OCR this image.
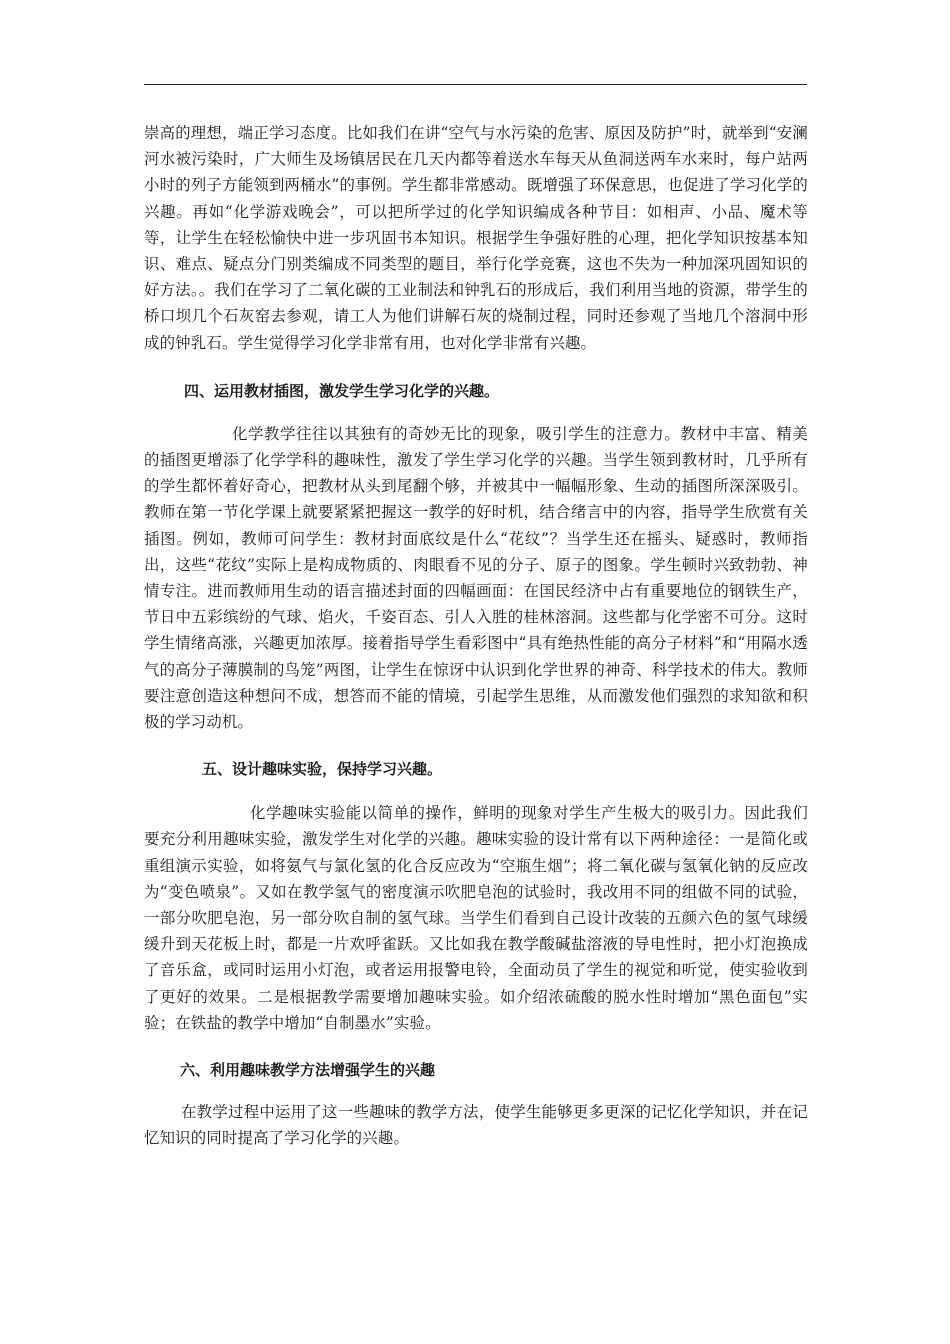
崇高的理想，端正学习态度。比如我们在讲“空气与水污染的危害、原因及防护”时，就举到“安澜河水被污染时，广大师生及场镇居民在几天内都等着送水车每天从鱼洞送两车水来时，每户站两小时的列子方能领到两桶水”的事例。学生都非常感动。既增强了环保意思，也促进了学习化学的兴趣。再如“化学游戏晚会”，可以把所学过的化学知识编成各种节目：如相声、小品、魔术等等，让学生在轻松愉快中进一步巩固书本知识。根据学生争强好胜的心理，把化学知识按基本知识、难点、疑点分门别类编成不同类型的题目，举行化学竞赛，这也不失为一种加深巩固知识的好方法。。我们在学习了二氧化碳的工业制法和钟乳石的形成后，我们利用当地的资源，带学生的桥口坝几个石灰窑去参观，请工人为他们讲解石灰的烧制过程，同时还参观了当地几个溶洞中形成的钟乳石。学生觉得学习化学非常有用，也对化学非常有兴趣。

四、运用教材插图，激发学生学习化学的兴趣。

化学教学往往以其独有的奇妙无比的现象，吸引学生的注意力。教材中丰富、精美的插图更增添了化学学科的趣味性，激发了学生学习化学的兴趣。当学生领到教材时，几乎所有的学生都怀着好奇心，把教材从头到尾翻个够，并被其中一幅幅形象、生动的插图所深深吸引。教师在第一节化学课上就要紧紧把握这一教学的好时机，结合绪言中的内容，指导学生欣赏有关插图。例如，教师可问学生：教材封面底纹是什么“花纹”？当学生还在摇头、疑惑时，教师指出，这些“花纹”实际上是构成物质的、肉眼看不见的分子、原子的图象。学生顿时兴致勃勃、神情专注。进而教师用生动的语言描述封面的四幅画面：在国民经济中占有重要地位的钢铁生产，节日中五彩缤纷的气球、焰火，千姿百态、引人入胜的桂林溶洞。这些都与化学密不可分。这时学生情绪高涨，兴趣更加浓厚。接着指导学生看彩图中“具有绝热性能的高分子材料”和“用隔水透气的高分子薄膜制的鸟笼”两图，让学生在惊讶中认识到化学世界的神奇、科学技术的伟大。教师要注意创造这种想问不成，想答而不能的情境，引起学生思维，从而激发他们强烈的求知欲和积极的学习动机。

五、设计趣味实验，保持学习兴趣。

化学趣味实验能以简单的操作，鲜明的现象对学生产生极大的吸引力。因此我们要充分利用趣味实验，激发学生对化学的兴趣。趣味实验的设计常有以下两种途径：一是简化或重组演示实验，如将氨气与氯化氢的化合反应改为“空瓶生烟”；将二氧化碳与氢氧化钠的反应改为“变色喷泉”。又如在教学氢气的密度演示吹肥皂泡的试验时，我改用不同的组做不同的试验，一部分吹肥皂泡，另一部分吹自制的氢气球。当学生们看到自己设计改装的五颜六色的氢气球缓缓升到天花板上时，都是一片欢呼雀跃。又比如我在教学酸碱盐溶液的导电性时，把小灯泡换成了音乐盒，或同时运用小灯泡，或者运用报警电铃，全面动员了学生的视觉和听觉，使实验收到了更好的效果。二是根据教学需要增加趣味实验。如介绍浓硫酸的脱水性时增加“黑色面包”实验；在铁盐的教学中增加“自制墨水”实验。

六、利用趣味教学方法增强学生的兴趣

在教学过程中运用了这一些趣味的教学方法，使学生能够更多更深的记忆化学知识，并在记忆知识的同时提高了学习化学的兴趣。
